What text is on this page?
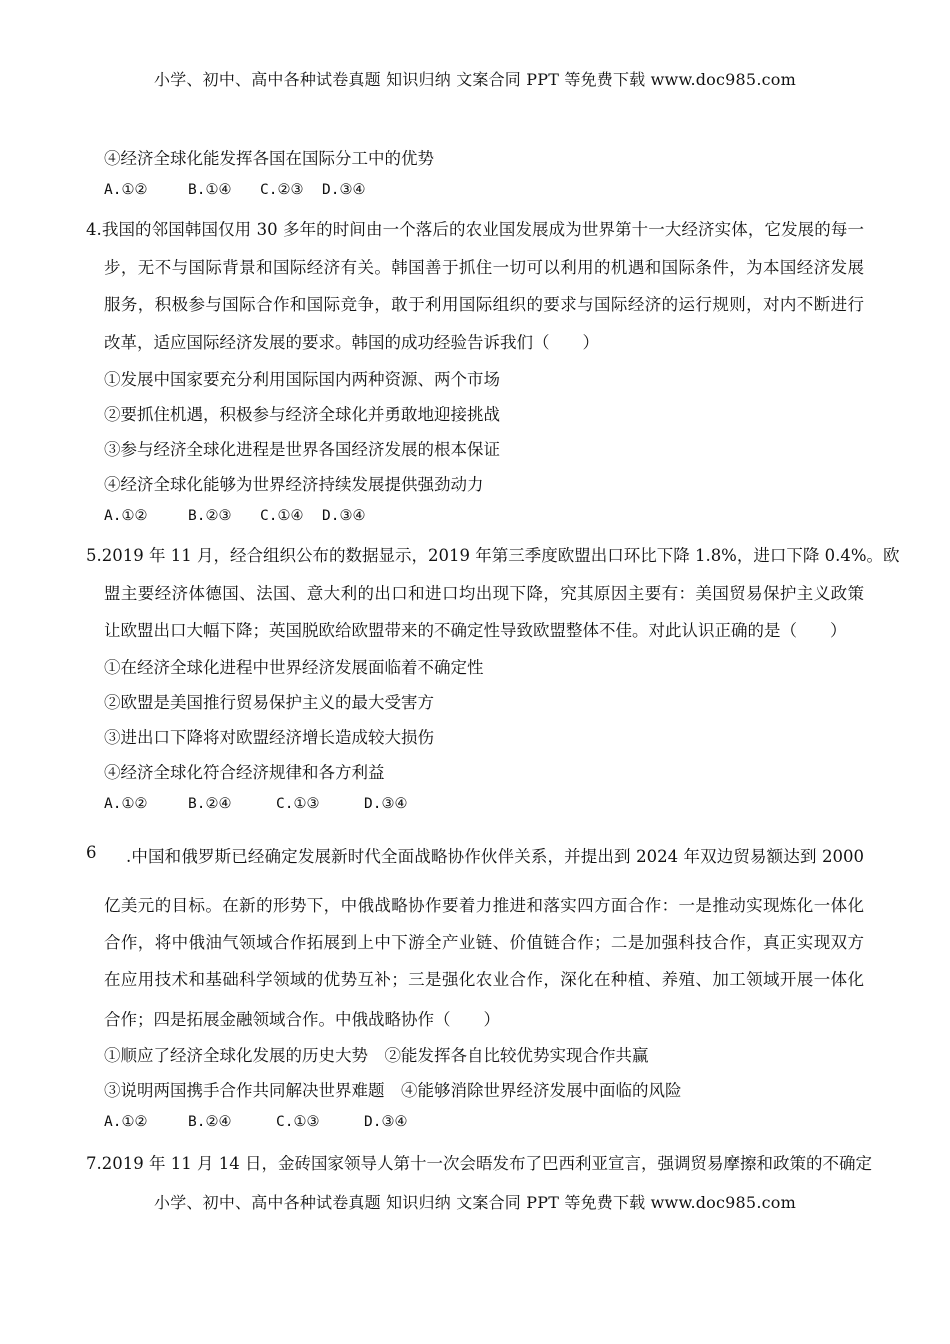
小学、初中、高中各种试卷真题 知识归纳 文案合同 PPT 等免费下载 www.doc985.com
④经济全球化能发挥各国在国际分工中的优势
A.①②	B.①④ C.②③ D.③④
4.我国的邻国韩国仅用 30 多年的时间由一个落后的农业国发展成为世界第十一大经济实体，它发展的每一
步，无不与国际背景和国际经济有关。韩国善于抓住一切可以利用的机遇和国际条件，为本国经济发展
服务，积极参与国际合作和国际竞争，敢于利用国际组织的要求与国际经济的运行规则，对内不断进行
改革，适应国际经济发展的要求。韩国的成功经验告诉我们（　　）
①发展中国家要充分利用国际国内两种资源、两个市场
②要抓住机遇，积极参与经济全球化并勇敢地迎接挑战
③参与经济全球化进程是世界各国经济发展的根本保证
④经济全球化能够为世界经济持续发展提供强劲动力
A.①②	B.②③ C.①④ D.③④
5.2019 年 11 月，经合组织公布的数据显示，2019 年第三季度欧盟出口环比下降 1.8%，进口下降 0.4%。欧
盟主要经济体德国、法国、意大利的出口和进口均出现下降，究其原因主要有：美国贸易保护主义政策
让欧盟出口大幅下降；英国脱欧给欧盟带来的不确定性导致欧盟整体不佳。对此认识正确的是（　　）
①在经济全球化进程中世界经济发展面临着不确定性
②欧盟是美国推行贸易保护主义的最大受害方
③进出口下降将对欧盟经济增长造成较大损伤
④经济全球化符合经济规律和各方利益
A.①②	B.②④	C.①③	D.③④
6 .中国和俄罗斯已经确定发展新时代全面战略协作伙伴关系，并提出到 2024 年双边贸易额达到 2000
亿美元的目标。在新的形势下，中俄战略协作要着力推进和落实四方面合作：一是推动实现炼化一体化
合作，将中俄油气领域合作拓展到上中下游全产业链、价值链合作；二是加强科技合作，真正实现双方
在应用技术和基础科学领域的优势互补；三是强化农业合作，深化在种植、养殖、加工领域开展一体化
合作；四是拓展金融领域合作。中俄战略协作（　　）
①顺应了经济全球化发展的历史大势　②能发挥各自比较优势实现合作共赢
③说明两国携手合作共同解决世界难题　④能够消除世界经济发展中面临的风险
A.①②	B.②④	C.①③	D.③④
7.2019 年 11 月 14 日，金砖国家领导人第十一次会晤发布了巴西利亚宣言，强调贸易摩擦和政策的不确定
小学、初中、高中各种试卷真题 知识归纳 文案合同 PPT 等免费下载 www.doc985.com
